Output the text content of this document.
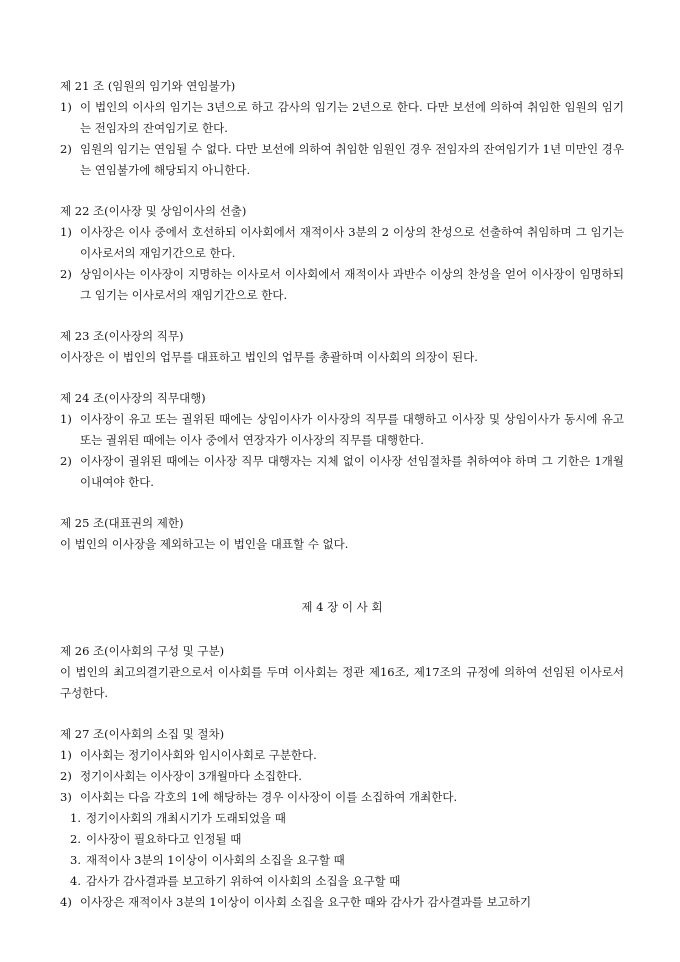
제 21 조 (임원의 임기와 연임불가)
1) 이 법인의 이사의 임기는 3년으로 하고 감사의 임기는 2년으로 한다. 다만 보선에 의하여 취임한 임원의 임기는 전임자의 잔여임기로 한다.
2) 임원의 임기는 연임될 수 없다. 다만 보선에 의하여 취임한 임원인 경우 전임자의 잔여임기가 1년 미만인 경우는 연임불가에 해당되지 아니한다.
제 22 조(이사장 및 상임이사의 선출)
1) 이사장은 이사 중에서 호선하되 이사회에서 재적이사 3분의 2 이상의 찬성으로 선출하여 취임하며 그 임기는 이사로서의 재임기간으로 한다.
2) 상임이사는 이사장이 지명하는 이사로서 이사회에서 재적이사 과반수 이상의 찬성을 얻어 이사장이 임명하되 그 임기는 이사로서의 재임기간으로 한다.
제 23 조(이사장의 직무)
이사장은 이 법인의 업무를 대표하고 법인의 업무를 총괄하며 이사회의 의장이 된다.
제 24 조(이사장의 직무대행)
1) 이사장이 유고 또는 궐위된 때에는 상임이사가 이사장의 직무를 대행하고 이사장 및 상임이사가 동시에 유고 또는 궐위된 때에는 이사 중에서 연장자가 이사장의 직무를 대행한다.
2) 이사장이 궐위된 때에는 이사장 직무 대행자는 지체 없이 이사장 선임절차를 취하여야 하며 그 기한은 1개월 이내여야 한다.
제 25 조(대표권의 제한)
이 법인의 이사장을 제외하고는 이 법인을 대표할 수 없다.
제 4 장 이 사 회
제 26 조(이사회의 구성 및 구분)
이 법인의 최고의결기관으로서 이사회를 두며 이사회는 정관 제16조, 제17조의 규정에 의하여 선임된 이사로서 구성한다.
제 27 조(이사회의 소집 및 절차)
1) 이사회는 정기이사회와 임시이사회로 구분한다.
2) 정기이사회는 이사장이 3개월마다 소집한다.
3) 이사회는 다음 각호의 1에 해당하는 경우 이사장이 이를 소집하여 개최한다.
1. 정기이사회의 개최시기가 도래되었을 때
2. 이사장이 필요하다고 인정될 때
3. 재적이사 3분의 1이상이 이사회의 소집을 요구할 때
4. 감사가 감사결과를 보고하기 위하여 이사회의 소집을 요구할 때
4) 이사장은 재적이사 3분의 1이상이 이사회 소집을 요구한 때와 감사가 감사결과를 보고하기
